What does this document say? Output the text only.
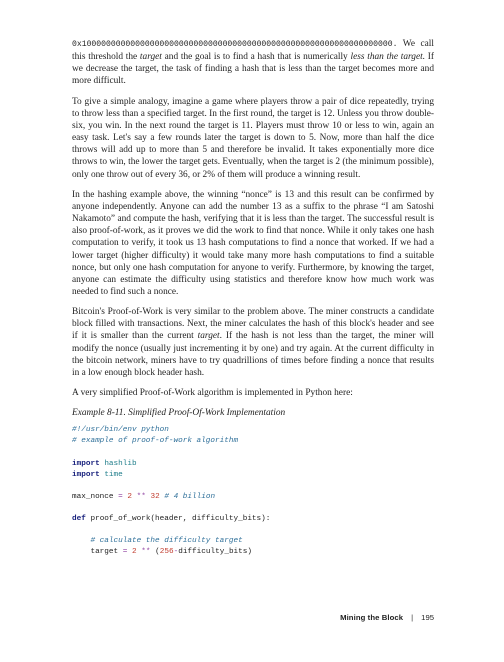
0x1000000000000000000000000000000000000000000000000000000000000000. We call this threshold the target and the goal is to find a hash that is numerically less than the target. If we decrease the target, the task of finding a hash that is less than the target becomes more and more difficult.

To give a simple analogy, imagine a game where players throw a pair of dice repeatedly, trying to throw less than a specified target. In the first round, the target is 12. Unless you throw double-six, you win. In the next round the target is 11. Players must throw 10 or less to win, again an easy task. Let's say a few rounds later the target is down to 5. Now, more than half the dice throws will add up to more than 5 and therefore be invalid. It takes exponentially more dice throws to win, the lower the target gets. Eventually, when the target is 2 (the minimum possible), only one throw out of every 36, or 2% of them will produce a winning result.

In the hashing example above, the winning “nonce” is 13 and this result can be confirmed by anyone independently. Anyone can add the number 13 as a suffix to the phrase “I am Satoshi Nakamoto” and compute the hash, verifying that it is less than the target. The successful result is also proof-of-work, as it proves we did the work to find that nonce. While it only takes one hash computation to verify, it took us 13 hash computations to find a nonce that worked. If we had a lower target (higher difficulty) it would take many more hash computations to find a suitable nonce, but only one hash computation for anyone to verify. Furthermore, by knowing the target, anyone can estimate the difficulty using statistics and therefore know how much work was needed to find such a nonce.

Bitcoin's Proof-of-Work is very similar to the problem above. The miner constructs a candidate block filled with transactions. Next, the miner calculates the hash of this block's header and see if it is smaller than the current target. If the hash is not less than the target, the miner will modify the nonce (usually just incrementing it by one) and try again. At the current difficulty in the bitcoin network, miners have to try quadrillions of times before finding a nonce that results in a low enough block header hash.

A very simplified Proof-of-Work algorithm is implemented in Python here:

Example 8-11. Simplified Proof-Of-Work Implementation
#!/usr/bin/env python
# example of proof-of-work algorithm
import hashlib
import time
max_nonce = 2 ** 32 # 4 billion
def proof_of_work(header, difficulty_bits):
# calculate the difficulty target
target = 2 ** (256-difficulty_bits)
Mining the Block | 195
